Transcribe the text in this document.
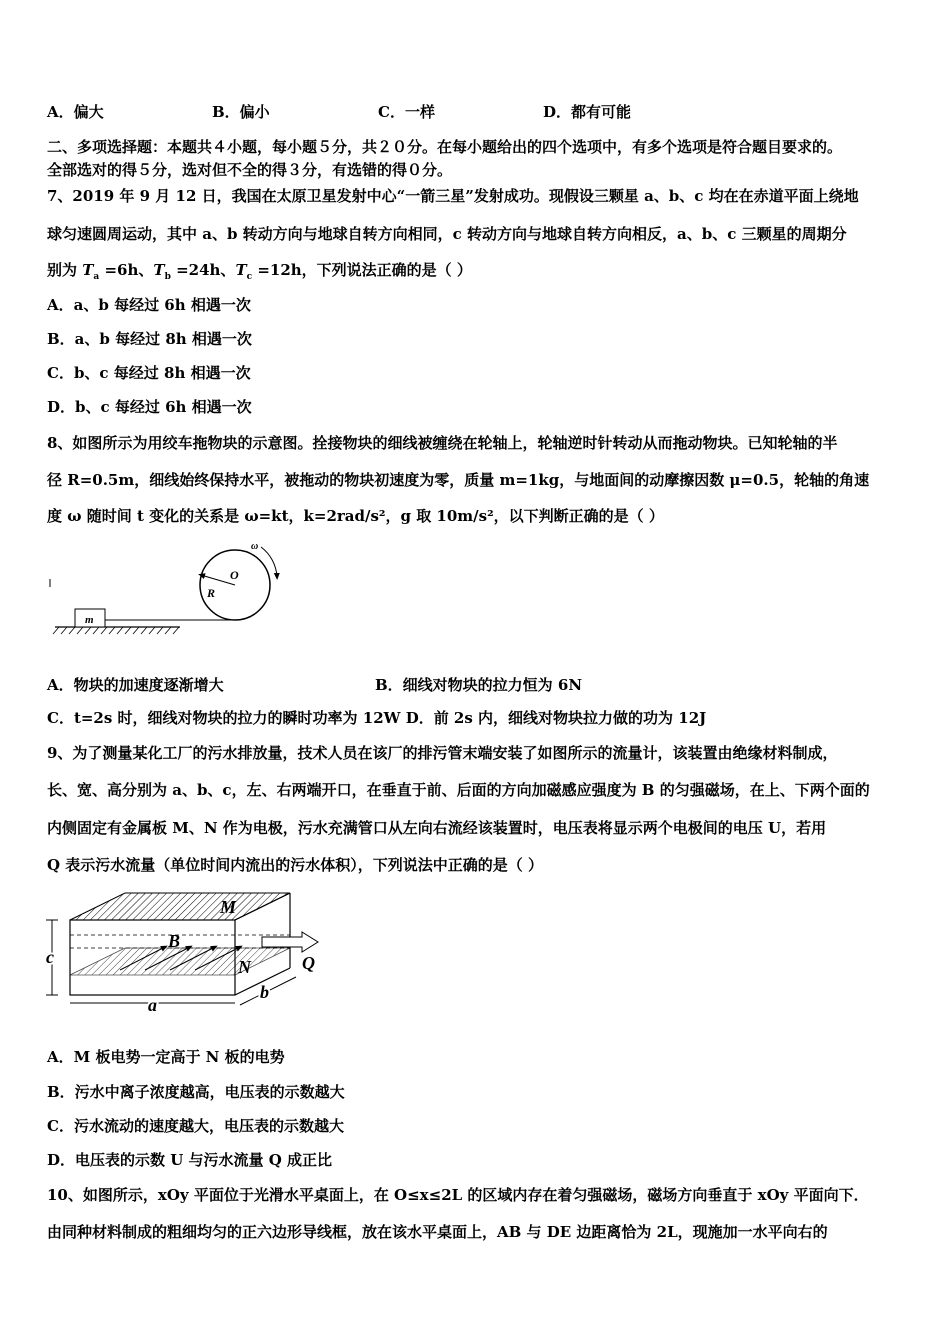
A．偏大	B．偏小	C．一样	D．都有可能
二、多项选择题：本题共４小题，每小题５分，共２０分。在每小题给出的四个选项中，有多个选项是符合题目要求的。
全部选对的得５分，选对但不全的得３分，有选错的得０分。
7、2019 年 9 月 12 日，我国在太原卫星发射中心“一箭三星”发射成功。现假设三颗星 a、b、c 均在在赤道平面上绕地
球匀速圆周运动，其中 a、b 转动方向与地球自转方向相同，c 转动方向与地球自转方向相反，a、b、c 三颗星的周期分
别为 $T_a =6h$、$T_b =24h$、$T_c =12h$，下列说法正确的是（ ）
A．a、b 每经过 6h 相遇一次
B．a、b 每经过 8h 相遇一次
C．b、c 每经过 8h 相遇一次
D．b、c 每经过 6h 相遇一次
8、如图所示为用绞车拖物块的示意图。拴接物块的细线被缠绕在轮轴上，轮轴逆时针转动从而拖动物块。已知轮轴的半
径 R=0.5m，细线始终保持水平，被拖动的物块初速度为零，质量 m=1kg，与地面间的动摩擦因数 μ=0.5，轮轴的角速
度 ω 随时间 t 变化的关系是 ω=kt，k=2rad/s²，g 取 10m/s²，以下判断正确的是（ ）
m
O
R
ω
A．物块的加速度逐渐增大	B．细线对物块的拉力恒为 6N
C．t=2s 时，细线对物块的拉力的瞬时功率为 12W D．前 2s 内，细线对物块拉力做的功为 12J
9、为了测量某化工厂的污水排放量，技术人员在该厂的排污管末端安装了如图所示的流量计，该装置由绝缘材料制成，
长、宽、高分别为 a、b、c，左、右两端开口，在垂直于前、后面的方向加磁感应强度为 B 的匀强磁场，在上、下两个面的
内侧固定有金属板 M、N 作为电极，污水充满管口从左向右流经该装置时，电压表将显示两个电极间的电压 U，若用
Q 表示污水流量（单位时间内流出的污水体积），下列说法中正确的是（ ）
M
N
B
c
a
b
Q
A．M 板电势一定高于 N 板的电势
B．污水中离子浓度越高，电压表的示数越大
C．污水流动的速度越大，电压表的示数越大
D．电压表的示数 U 与污水流量 Q 成正比
10、如图所示，xOy 平面位于光滑水平桌面上，在 O≤x≤2L 的区域内存在着匀强磁场，磁场方向垂直于 xOy 平面向下．
由同种材料制成的粗细均匀的正六边形导线框，放在该水平桌面上，AB 与 DE 边距离恰为 2L，现施加一水平向右的
